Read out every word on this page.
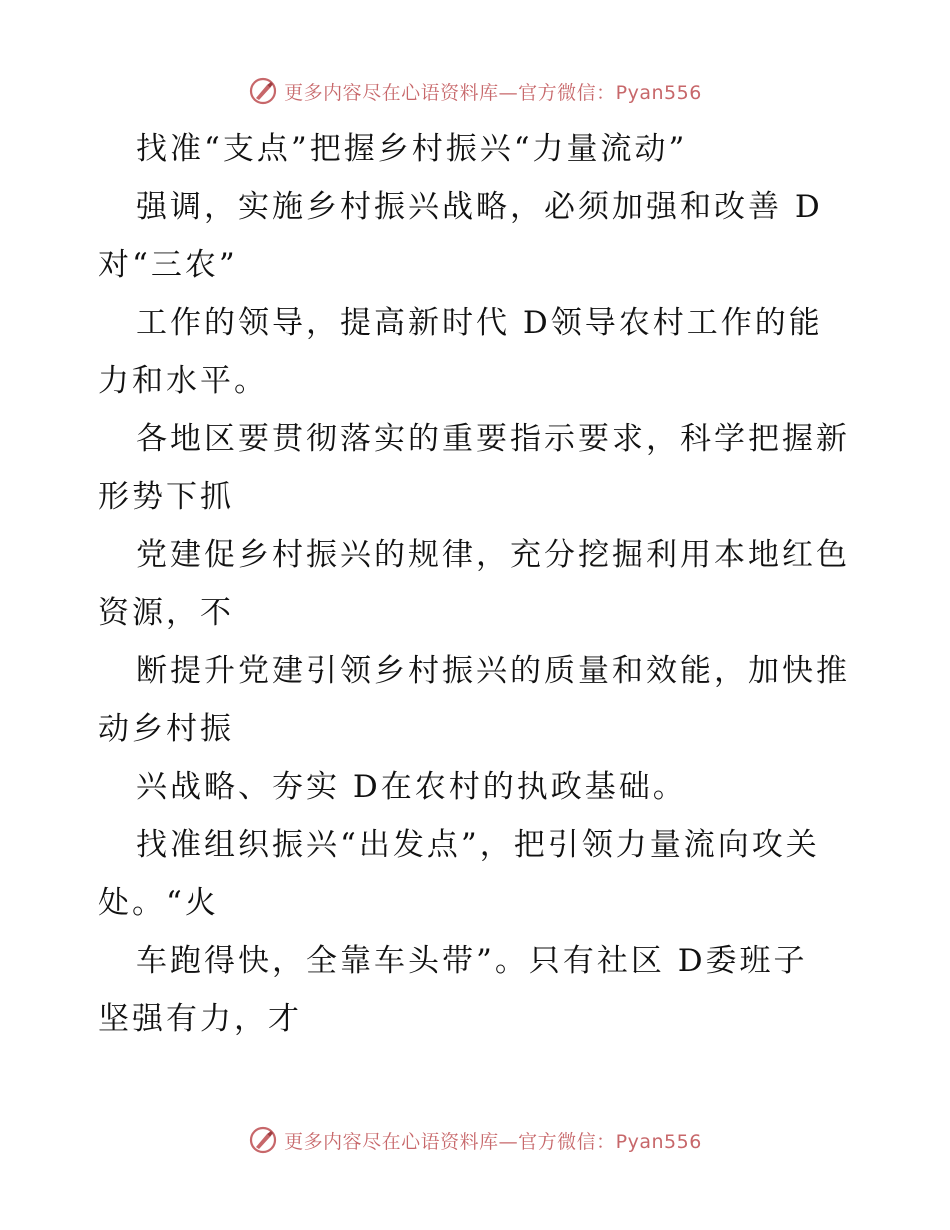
更多内容尽在心语资料库—官方微信：Pyan556
找准“支点”把握乡村振兴“力量流动”
强调，实施乡村振兴战略，必须加强和改善 D
对“三农”
工作的领导，提高新时代 D领导农村工作的能
力和水平。
各地区要贯彻落实的重要指示要求，科学把握新
形势下抓
党建促乡村振兴的规律，充分挖掘利用本地红色
资源，不
断提升党建引领乡村振兴的质量和效能，加快推
动乡村振
兴战略、夯实 D在农村的执政基础。
找准组织振兴“出发点”，把引领力量流向攻关
处。“火
车跑得快，全靠车头带”。只有社区 D委班子
坚强有力，才
更多内容尽在心语资料库—官方微信：Pyan556
